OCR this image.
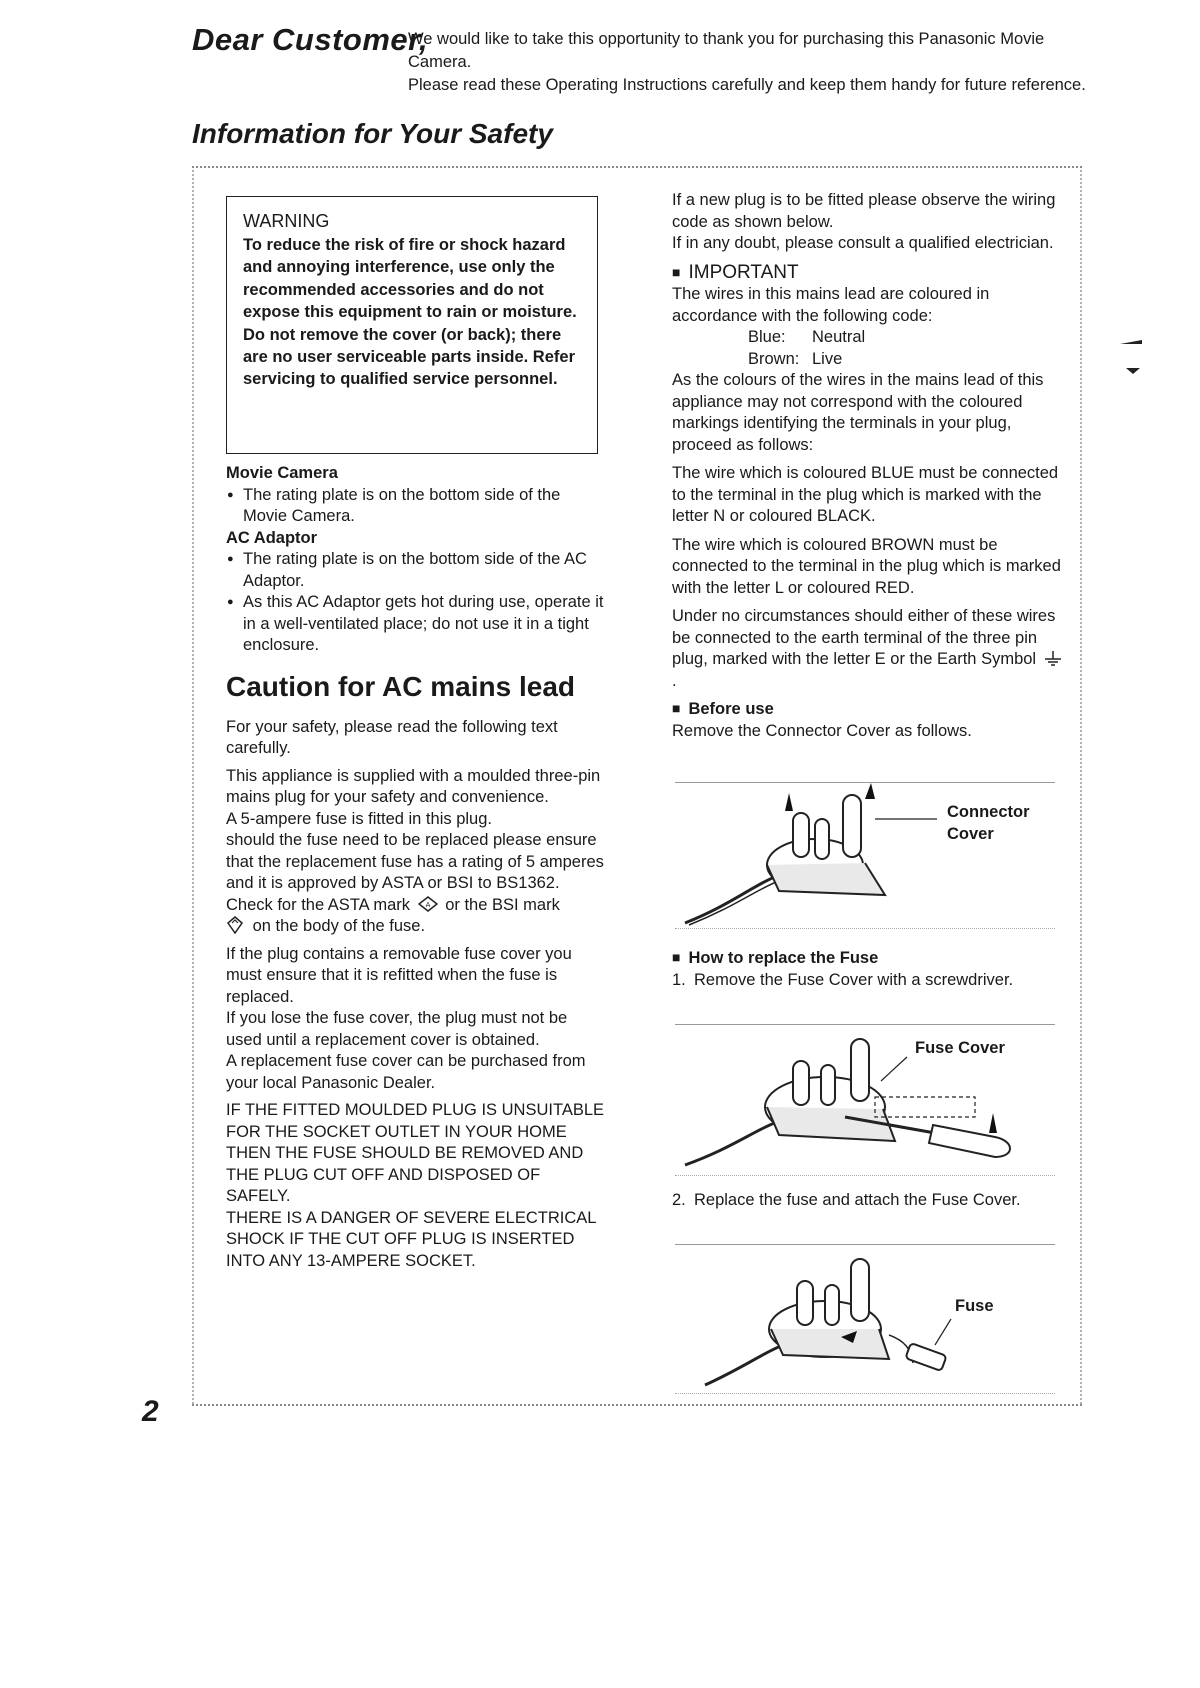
Dear Customer,

We would like to take this opportunity to thank you for purchasing this Panasonic Movie Camera.

Please read these Operating Instructions carefully and keep them handy for future reference.

Information for Your Safety
WARNING

To reduce the risk of fire or shock hazard and annoying interference, use only the recommended accessories and do not expose this equipment to rain or moisture.

Do not remove the cover (or back); there are no user serviceable parts inside. Refer servicing to qualified service personnel.

Movie Camera
● The rating plate is on the bottom side of the Movie Camera.
AC Adaptor
● The rating plate is on the bottom side of the AC Adaptor.
● As this AC Adaptor gets hot during use, operate it in a well-ventilated place; do not use it in a tight enclosure.
Caution for AC mains lead

For your safety, please read the following text carefully.

This appliance is supplied with a moulded three-pin mains plug for your safety and convenience.
A 5-ampere fuse is fitted in this plug.
should the fuse need to be replaced please ensure that the replacement fuse has a rating of 5 amperes and it is approved by ASTA or BSI to BS1362.
Check for the ASTA mark A or the BSI mark
on the body of the fuse.
If the plug contains a removable fuse cover you must ensure that it is refitted when the fuse is replaced.
If you lose the fuse cover, the plug must not be used until a replacement cover is obtained.
A replacement fuse cover can be purchased from your local Panasonic Dealer.
IF THE FITTED MOULDED PLUG IS UNSUITABLE FOR THE SOCKET OUTLET IN YOUR HOME THEN THE FUSE SHOULD BE REMOVED AND THE PLUG CUT OFF AND DISPOSED OF SAFELY.
THERE IS A DANGER OF SEVERE ELECTRICAL SHOCK IF THE CUT OFF PLUG IS INSERTED INTO ANY 13-AMPERE SOCKET.
If a new plug is to be fitted please observe the wiring code as shown below.
If in any doubt, please consult a qualified electrician.
■ IMPORTANT
The wires in this mains lead are coloured in accordance with the following code:
Blue: Neutral
Brown: Live

As the colours of the wires in the mains lead of this appliance may not correspond with the coloured markings identifying the terminals in your plug, proceed as follows:

The wire which is coloured BLUE must be connected to the terminal in the plug which is marked with the letter N or coloured BLACK.

The wire which is coloured BROWN must be connected to the terminal in the plug which is marked with the letter L or coloured RED.

Under no circumstances should either of these wires be connected to the earth terminal of the three pin plug, marked with the letter E or the Earth Symbol .

■ Before use
Remove the Connector Cover as follows.
Connector
Cover
■ How to replace the Fuse
1. Remove the Fuse Cover with a screwdriver.
Fuse Cover
2. Replace the fuse and attach the Fuse Cover.
Fuse
2
